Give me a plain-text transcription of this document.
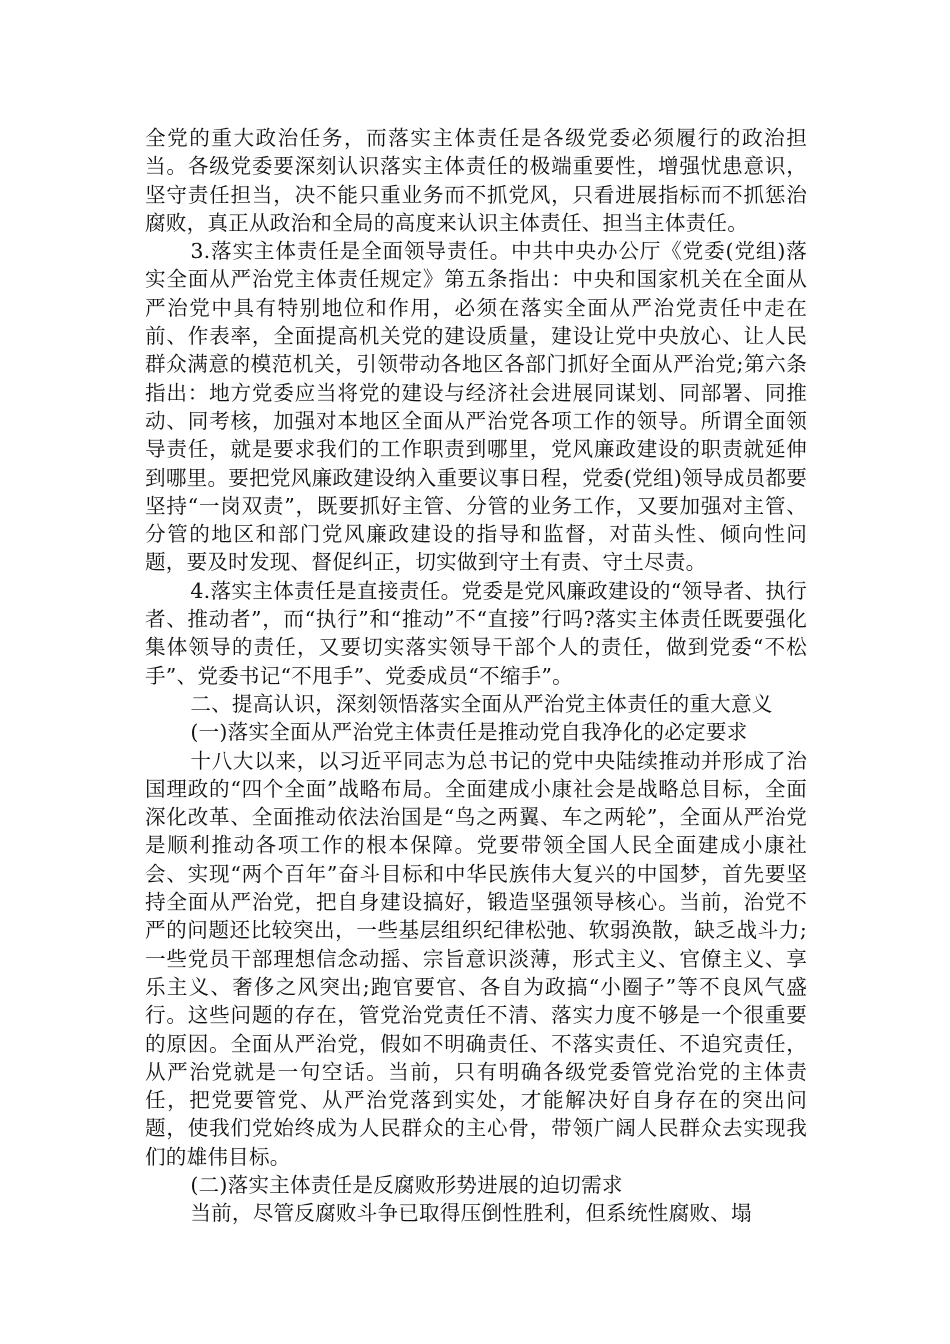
全党的重大政治任务，而落实主体责任是各级党委必须履行的政治担当。各级党委要深刻认识落实主体责任的极端重要性，增强忧患意识，坚守责任担当，决不能只重业务而不抓党风，只看进展指标而不抓惩治腐败，真正从政治和全局的高度来认识主体责任、担当主体责任。

3.落实主体责任是全面领导责任。中共中央办公厅《党委(党组)落实全面从严治党主体责任规定》第五条指出：中央和国家机关在全面从严治党中具有特别地位和作用，必须在落实全面从严治党责任中走在前、作表率，全面提高机关党的建设质量，建设让党中央放心、让人民群众满意的模范机关，引领带动各地区各部门抓好全面从严治党;第六条指出：地方党委应当将党的建设与经济社会进展同谋划、同部署、同推动、同考核，加强对本地区全面从严治党各项工作的领导。所谓全面领导责任，就是要求我们的工作职责到哪里，党风廉政建设的职责就延伸到哪里。要把党风廉政建设纳入重要议事日程，党委(党组)领导成员都要坚持“一岗双责”，既要抓好主管、分管的业务工作，又要加强对主管、分管的地区和部门党风廉政建设的指导和监督，对苗头性、倾向性问题，要及时发现、督促纠正，切实做到守土有责、守土尽责。

4.落实主体责任是直接责任。党委是党风廉政建设的“领导者、执行者、推动者”，而“执行”和“推动”不“直接”行吗?落实主体责任既要强化集体领导的责任，又要切实落实领导干部个人的责任，做到党委“不松手”、党委书记“不甩手”、党委成员“不缩手”。

二、提高认识，深刻领悟落实全面从严治党主体责任的重大意义

(一)落实全面从严治党主体责任是推动党自我净化的必定要求

十八大以来，以习近平同志为总书记的党中央陆续推动并形成了治国理政的“四个全面”战略布局。全面建成小康社会是战略总目标，全面深化改革、全面推动依法治国是“鸟之两翼、车之两轮”，全面从严治党是顺利推动各项工作的根本保障。党要带领全国人民全面建成小康社会、实现“两个百年”奋斗目标和中华民族伟大复兴的中国梦，首先要坚持全面从严治党，把自身建设搞好，锻造坚强领导核心。当前，治党不严的问题还比较突出，一些基层组织纪律松弛、软弱涣散，缺乏战斗力;一些党员干部理想信念动摇、宗旨意识淡薄，形式主义、官僚主义、享乐主义、奢侈之风突出;跑官要官、各自为政搞“小圈子”等不良风气盛行。这些问题的存在，管党治党责任不清、落实力度不够是一个很重要的原因。全面从严治党，假如不明确责任、不落实责任、不追究责任，从严治党就是一句空话。当前，只有明确各级党委管党治党的主体责任，把党要管党、从严治党落到实处，才能解决好自身存在的突出问题，使我们党始终成为人民群众的主心骨，带领广阔人民群众去实现我们的雄伟目标。

(二)落实主体责任是反腐败形势进展的迫切需求

当前，尽管反腐败斗争已取得压倒性胜利，但系统性腐败、塌
